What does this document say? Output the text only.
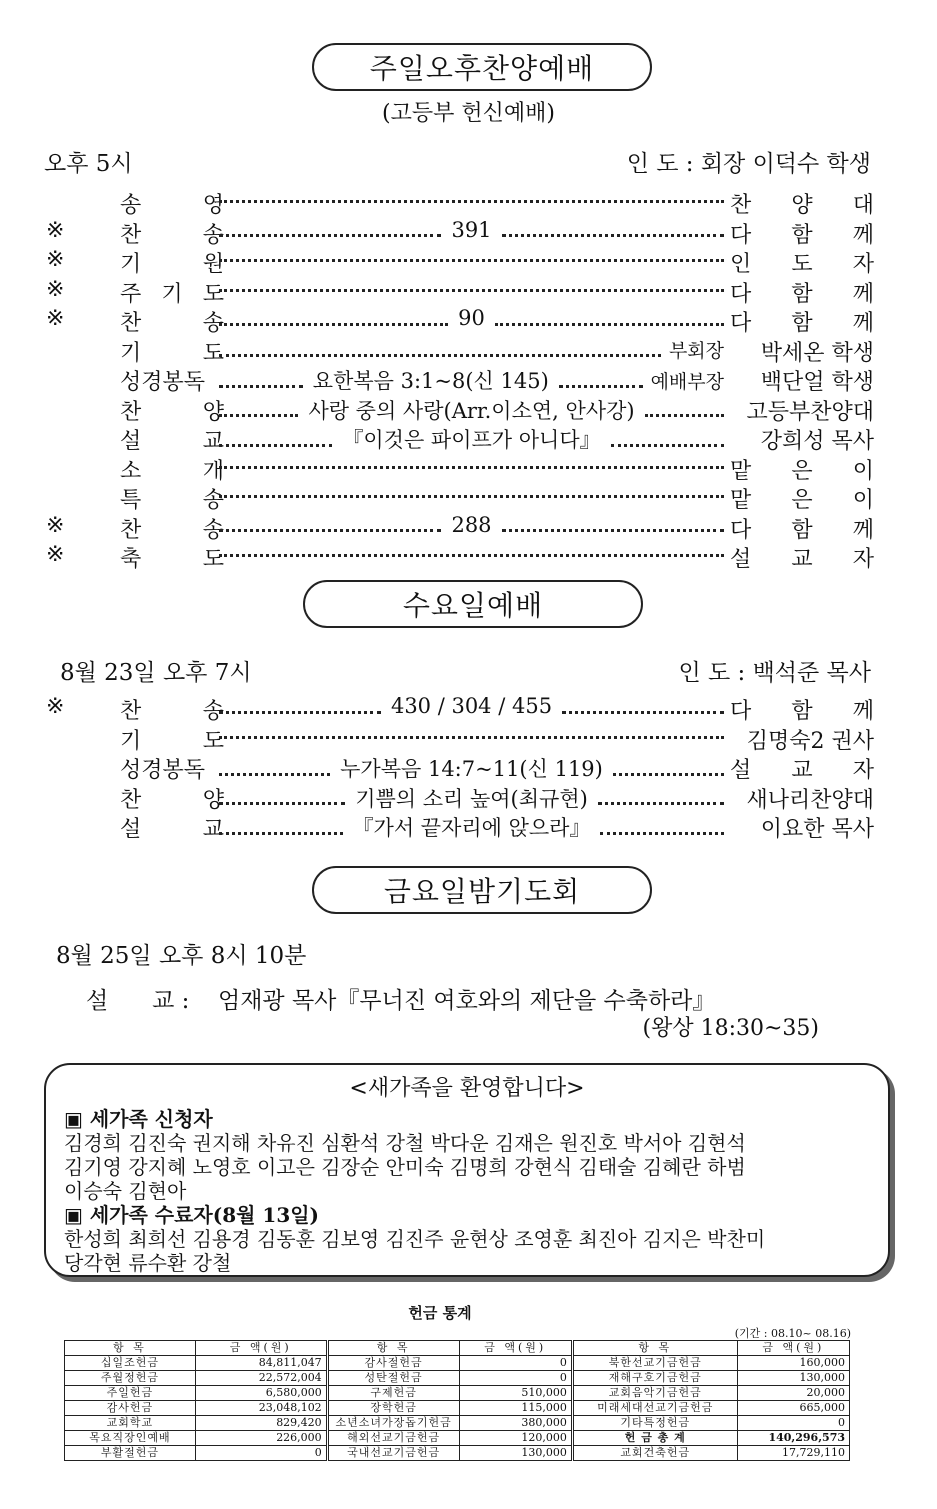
주일오후찬양예배
(고등부 헌신예배)
오후 5시	인 도 : 회장 이덕수 학생
송	영	찬 양 대
※	찬	송	391	다 함 께
※	기	원	인 도 자
※	주 기 도	다 함 께
※	찬	송	90	다 함 께
기	도	부회장 박세온 학생
성경봉독	요한복음 3:1~8(신 145)	예배부장 백단얼 학생
찬	양	사랑 중의 사랑(Arr.이소연, 안사강)	고등부찬양대
설	교	『이것은 파이프가 아니다』	강희성 목사
소	개	맡 은 이
특	송	맡 은 이
※	찬	송	288	다 함 께
※	축	도	설 교 자
수요일예배
8월 23일 오후 7시	인 도 : 백석준 목사
※	찬	송	430 / 304 / 455	다 함 께
기	도	김명숙2 권사
성경봉독	누가복음 14:7~11(신 119)	설 교 자
찬	양	기쁨의 소리 높여(최규현)	새나리찬양대
설	교	『가서 끝자리에 앉으라』	이요한 목사
금요일밤기도회
8월 25일 오후 8시 10분
설      교 : 엄재광 목사『무너진 여호와의 제단을 수축하라』
(왕상 18:30~35)
<새가족을 환영합니다>
▣ 세가족 신청자
김경희 김진숙 권지해 차유진 심환석 강철 박다운 김재은 원진호 박서아 김현석
김기영 강지혜 노영호 이고은 김장순 안미숙 김명희 강현식 김태술 김혜란 하범
이승숙 김현아
▣ 세가족 수료자(8월 13일)
한성희 최희선 김용경 김동훈 김보영 김진주 윤현상 조영훈 최진아 김지은 박찬미
당각현 류수환 강철
헌금 통계
(기간 : 08.10~ 08.16)
항 목	금 액(원)	항 목	금 액(원)	항 목	금 액(원)
십일조헌금	84,811,047	감사절헌금	0	북한선교기금헌금	160,000
주월정헌금	22,572,004	성탄절헌금	0	재해구호기금헌금	130,000
주일헌금	6,580,000	구제헌금	510,000	교회음악기금헌금	20,000
감사헌금	23,048,102	장학헌금	115,000	미래세대선교기금헌금	665,000
교회학교	829,420	소년소녀가장돕기헌금	380,000	기타특정헌금	0
목요직장인예배	226,000	해외선교기금헌금	120,000	헌 금 총 계	140,296,573
부활절헌금	0	국내선교기금헌금	130,000	교회건축헌금	17,729,110
